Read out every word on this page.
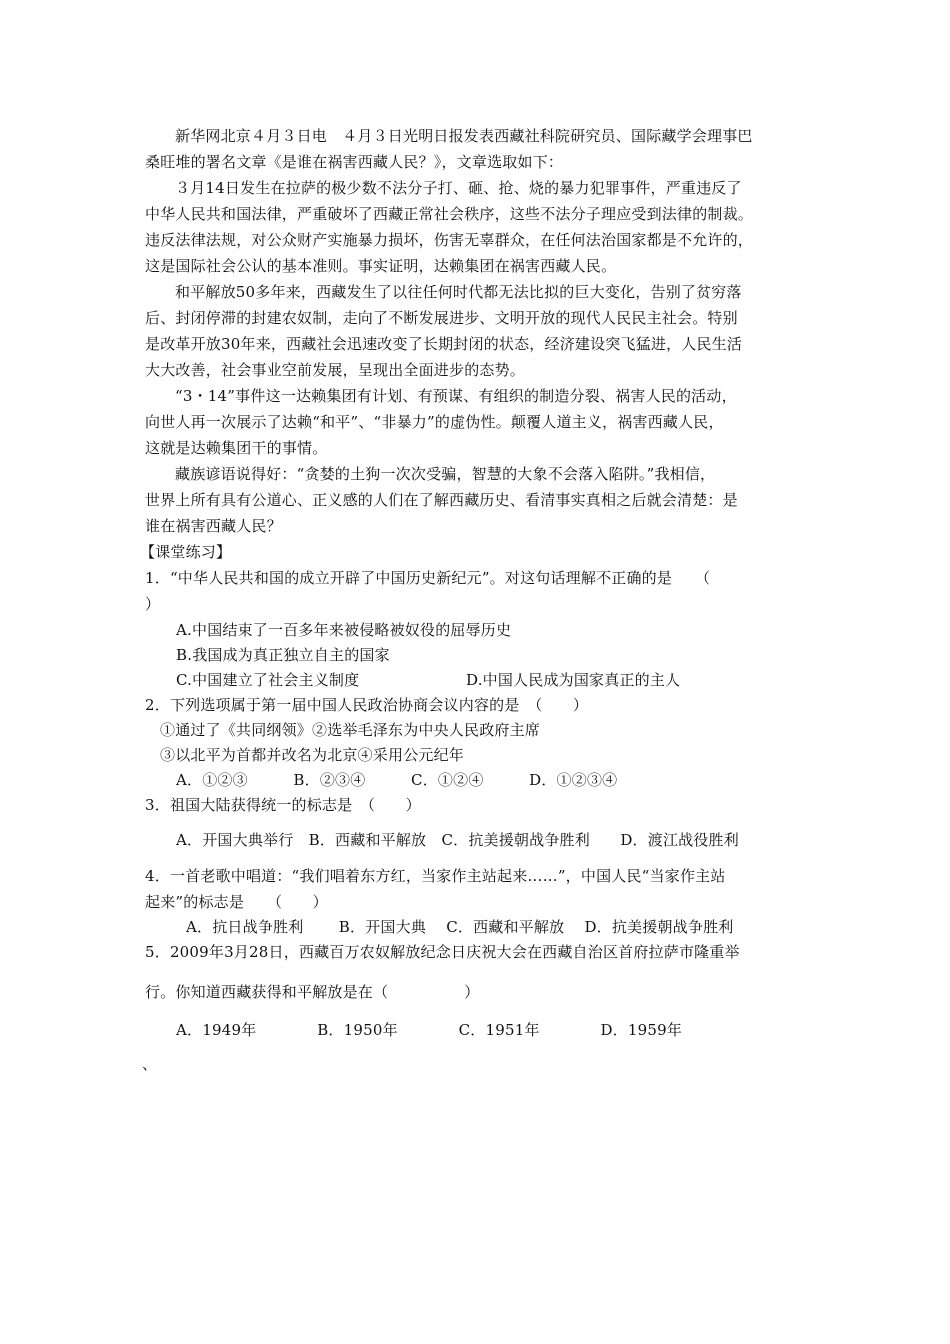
新华网北京４月３日电　４月３日光明日报发表西藏社科院研究员、国际藏学会理事巴
桑旺堆的署名文章《是谁在祸害西藏人民？》，文章选取如下：
３月14日发生在拉萨的极少数不法分子打、砸、抢、烧的暴力犯罪事件，严重违反了
中华人民共和国法律，严重破坏了西藏正常社会秩序，这些不法分子理应受到法律的制裁。
违反法律法规，对公众财产实施暴力损坏，伤害无辜群众，在任何法治国家都是不允许的，
这是国际社会公认的基本准则。事实证明，达赖集团在祸害西藏人民。
和平解放50多年来，西藏发生了以往任何时代都无法比拟的巨大变化，告别了贫穷落
后、封闭停滞的封建农奴制，走向了不断发展进步、文明开放的现代人民民主社会。特别
是改革开放30年来，西藏社会迅速改变了长期封闭的状态，经济建设突飞猛进，人民生活
大大改善，社会事业空前发展，呈现出全面进步的态势。
“3・14”事件这一达赖集团有计划、有预谋、有组织的制造分裂、祸害人民的活动，
向世人再一次展示了达赖“和平”、“非暴力”的虚伪性。颠覆人道主义，祸害西藏人民，
这就是达赖集团干的事情。
藏族谚语说得好：“贪婪的土狗一次次受骗，智慧的大象不会落入陷阱。”我相信，
世界上所有具有公道心、正义感的人们在了解西藏历史、看清事实真相之后就会清楚：是
谁在祸害西藏人民？
【课堂练习】
1．“中华人民共和国的成立开辟了中国历史新纪元”。对这句话理解不正确的是　　（
）
A.中国结束了一百多年来被侵略被奴役的屈辱历史
B.我国成为真正独立自主的国家
C.中国建立了社会主义制度	D.中国人民成为国家真正的主人
2．下列选项属于第一届中国人民政治协商会议内容的是　（　　）
①通过了《共同纲领》②选举毛泽东为中央人民政府主席
③以北平为首都并改名为北京④采用公元纪年
A．①②③　　　B．②③④　　　C．①②④　　　D．①②③④
3．祖国大陆获得统一的标志是　（　　）
A．开国大典举行　B．西藏和平解放　C．抗美援朝战争胜利　　D．渡江战役胜利
4．一首老歌中唱道：“我们唱着东方红，当家作主站起来……”，中国人民“当家作主站
起来”的标志是　　（　　）
A．抗日战争胜利　　 B．开国大典　 C．西藏和平解放　 D．抗美援朝战争胜利
5．2009年3月28日，西藏百万农奴解放纪念日庆祝大会在西藏自治区首府拉萨市隆重举
行。你知道西藏获得和平解放是在（　　　　　）
A．1949年　　　　B．1950年　　　　C．1951年　　　　D．1959年
、
